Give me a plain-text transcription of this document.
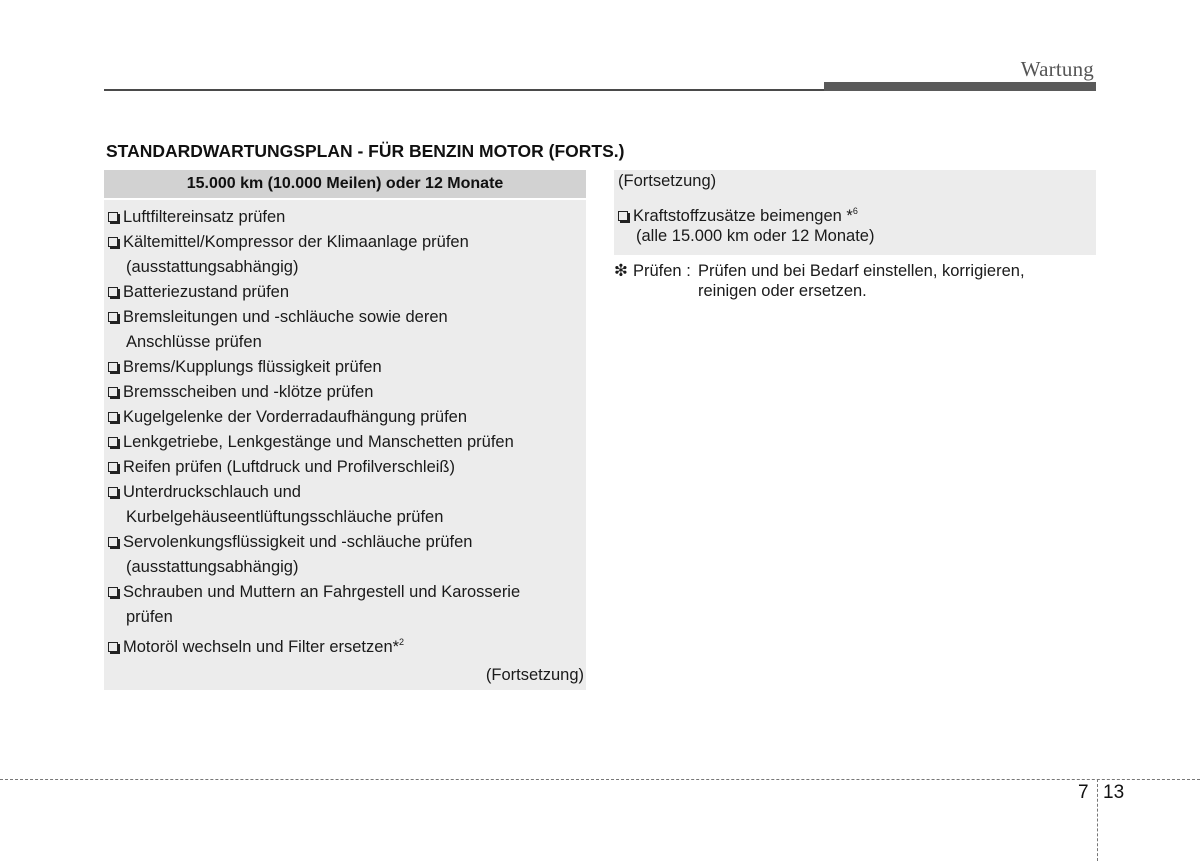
Wartung
STANDARDWARTUNGSPLAN - FÜR BENZIN MOTOR (FORTS.)
15.000 km (10.000 Meilen) oder 12 Monate
Luftfiltereinsatz prüfen
Kältemittel/Kompressor der Klimaanlage prüfen
(ausstattungsabhängig)
Batteriezustand prüfen
Bremsleitungen und -schläuche sowie deren
Anschlüsse prüfen
Brems/Kupplungs flüssigkeit prüfen
Bremsscheiben und -klötze prüfen
Kugelgelenke der Vorderradaufhängung prüfen
Lenkgetriebe, Lenkgestänge und Manschetten prüfen
Reifen prüfen (Luftdruck und Profilverschleiß)
Unterdruckschlauch und
Kurbelgehäuseentlüftungsschläuche prüfen
Servolenkungsflüssigkeit und -schläuche prüfen
(ausstattungsabhängig)
Schrauben und Muttern an Fahrgestell und Karosserie
prüfen
Motoröl wechseln und Filter ersetzen*$^2$
(Fortsetzung)
(Fortsetzung)
Kraftstoffzusätze beimengen *$^6$
(alle 15.000 km oder 12 Monate)
❇ Prüfen : Prüfen und bei Bedarf einstellen, korrigieren,
reinigen oder ersetzen.
7 13
